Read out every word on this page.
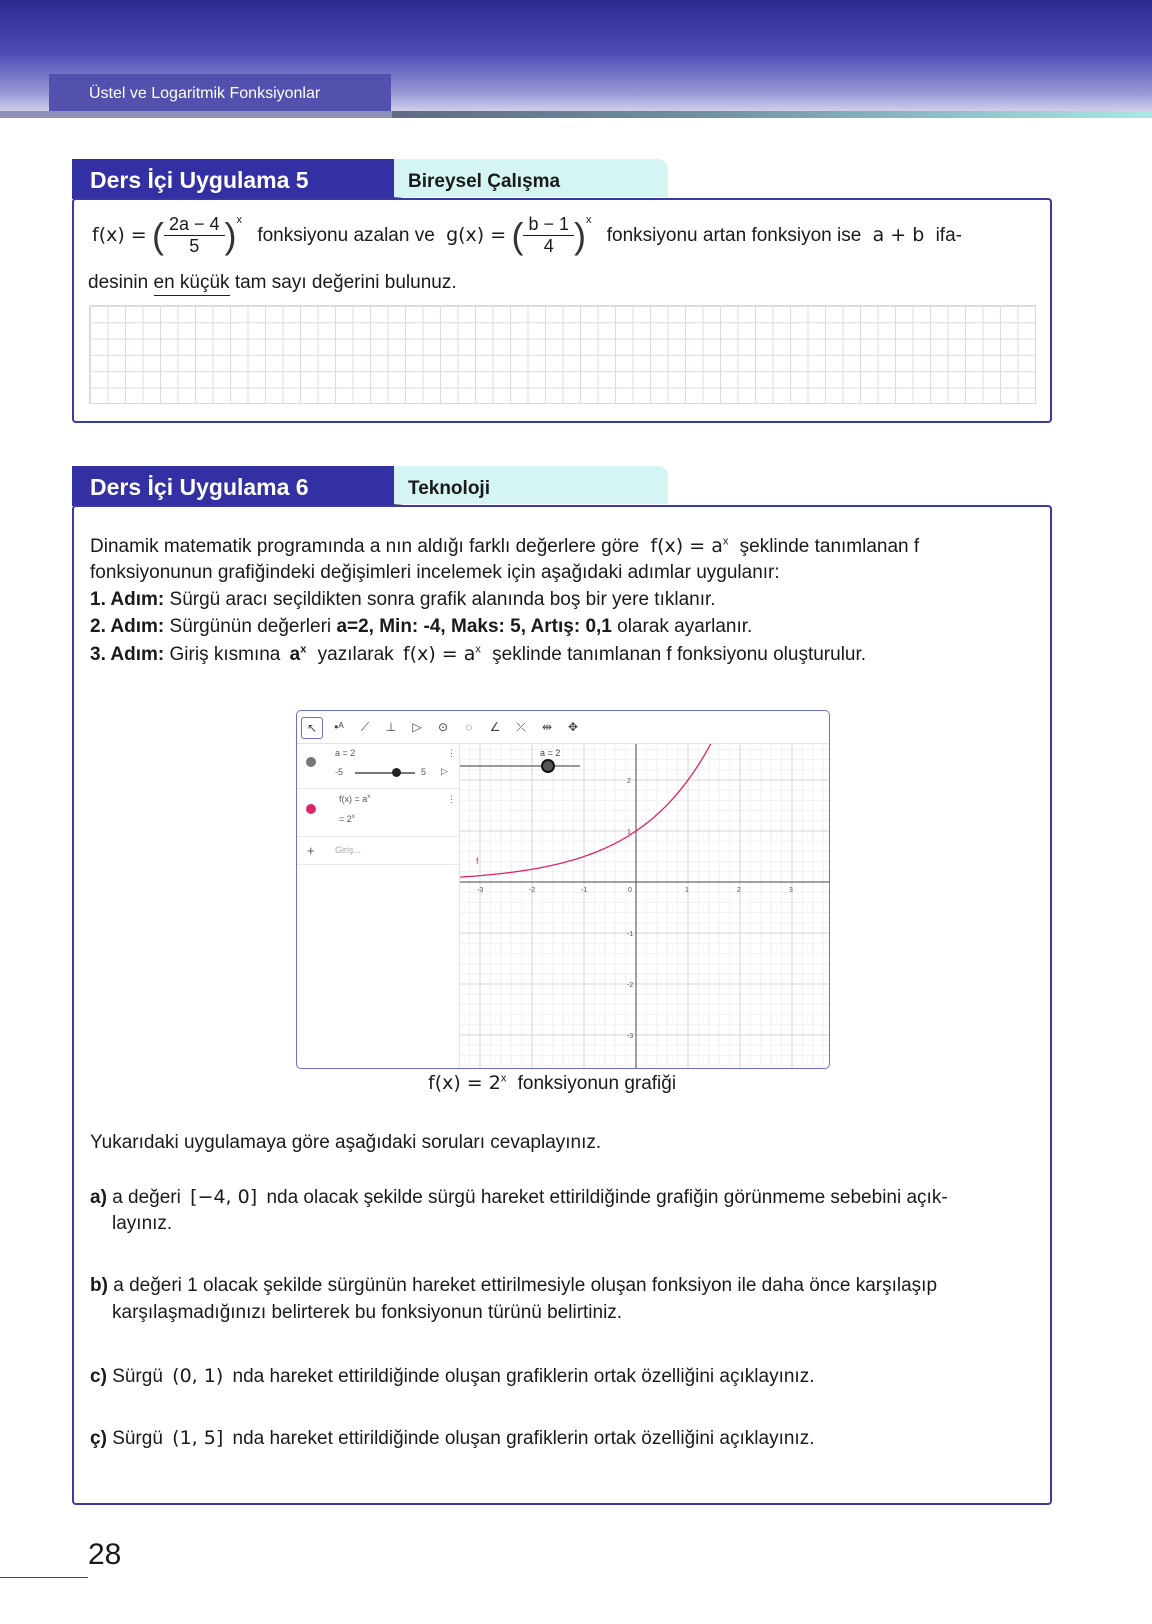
Üstel ve Logaritmik Fonksiyonlar
Ders İçi Uygulama 5	Bireysel Çalışma
f(x) = ( $\frac{2a - 4}{5} )^x$ fonksiyonu azalan ve g(x) = ( $\frac{b - 1}{4} )^x$ fonksiyonu artan fonksiyon ise a + b ifa-
desinin en küçük tam sayı değerini bulunuz.
Ders İçi Uygulama 6	Teknoloji
Dinamik matematik programında a nın aldığı farklı değerlere göre $f(x) = a^x$ şeklinde tanımlanan f
fonksiyonunun grafiğindeki değişimleri incelemek için aşağıdaki adımlar uygulanır:
1. Adım: Sürgü aracı seçildikten sonra grafik alanında boş bir yere tıklanır.
2. Adım: Sürgünün değerleri a=2, Min: -4, Maks: 5, Artış: 0,1 olarak ayarlanır.
3. Adım: Giriş kısmına $a^x$ yazılarak $f(x) = a^x$ şeklinde tanımlanan f fonksiyonu oluşturulur.
↖	•ᴬ	⟋	⊥	▷	⊙	◌	∠	⤫	⇹	✥
a = 2	⋮
-5	5 ▷
$f(x) = a^x$	⋮
= $2^x$
+ Giriş...
-3	-2	-1	0	1	2	3
2
1
-1
-2
-3
a = 2
f
$f(x) = 2^x$ fonksiyonun grafiği
Yukarıdaki uygulamaya göre aşağıdaki soruları cevaplayınız.
a) a değeri [−4, 0] nda olacak şekilde sürgü hareket ettirildiğinde grafiğin görünmeme sebebini açık-
layınız.
b) a değeri 1 olacak şekilde sürgünün hareket ettirilmesiyle oluşan fonksiyon ile daha önce karşılaşıp
karşılaşmadığınızı belirterek bu fonksiyonun türünü belirtiniz.
c) Sürgü (0, 1) nda hareket ettirildiğinde oluşan grafiklerin ortak özelliğini açıklayınız.
ç) Sürgü (1, 5] nda hareket ettirildiğinde oluşan grafiklerin ortak özelliğini açıklayınız.
28
